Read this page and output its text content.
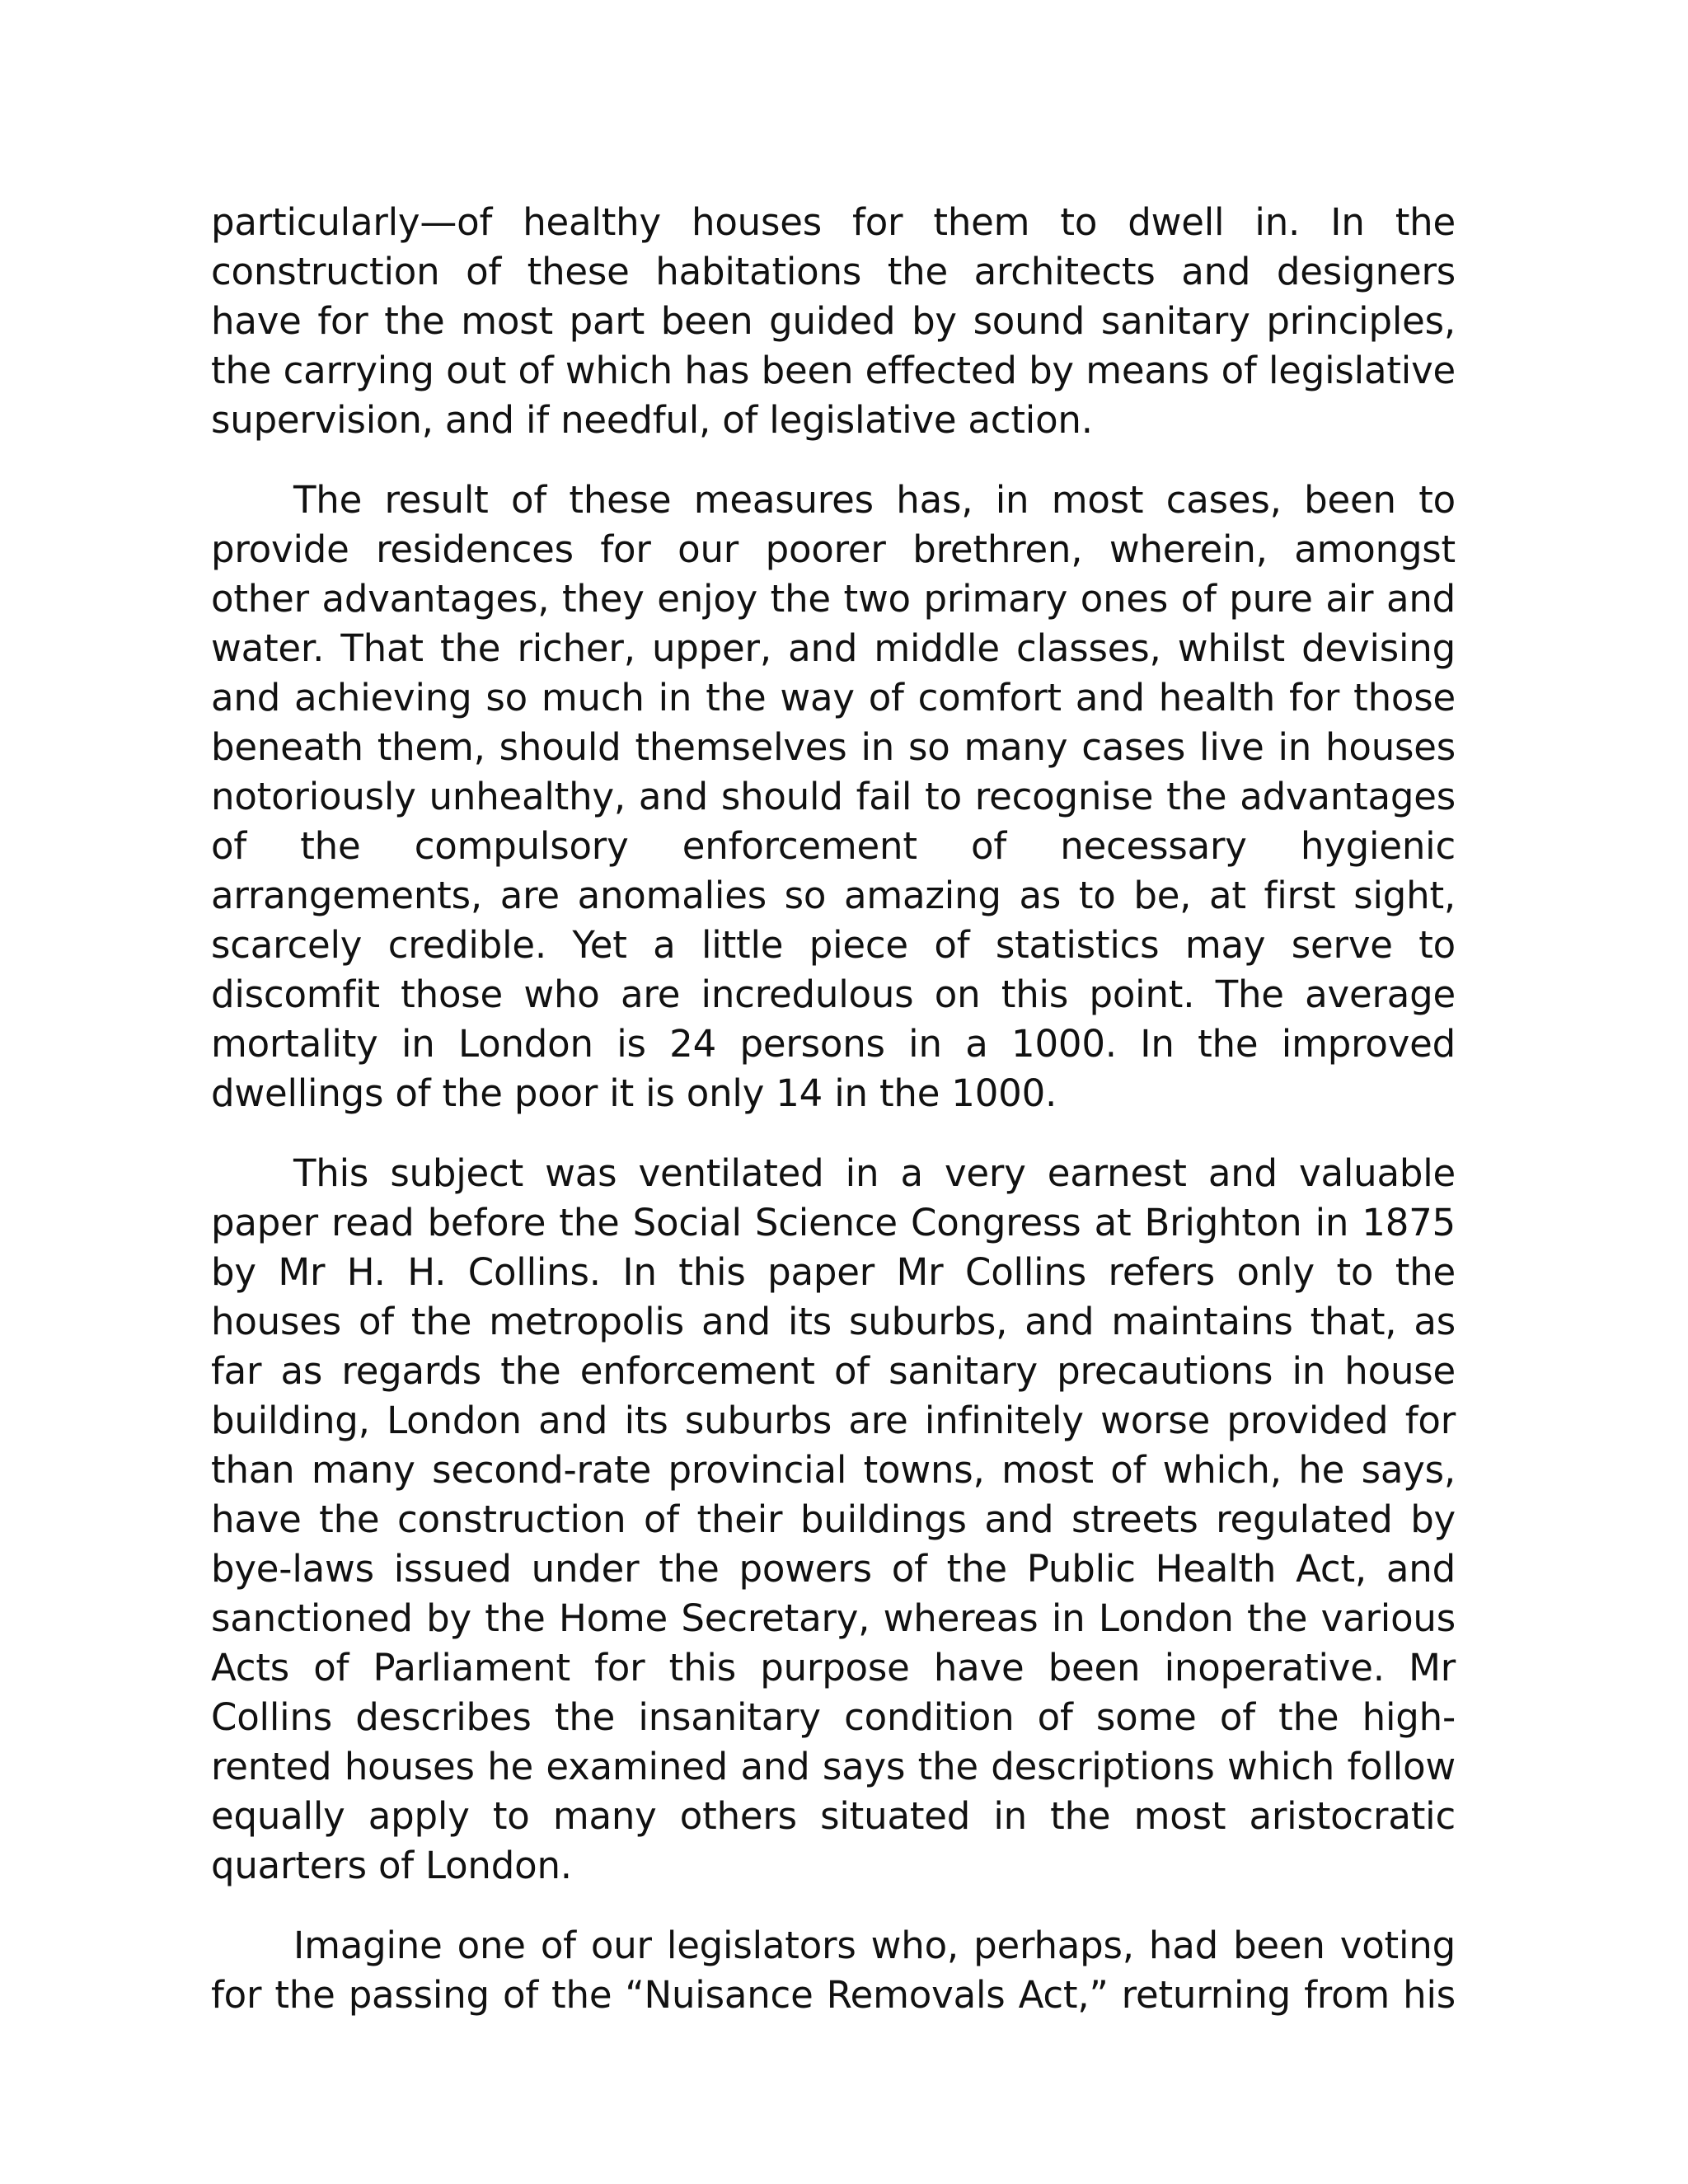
particularly—of healthy houses for them to dwell in. In the construction of these habitations the architects and designers have for the most part been guided by sound sanitary principles, the carrying out of which has been effected by means of legislative supervision, and if needful, of legislative action.

The result of these measures has, in most cases, been to provide residences for our poorer brethren, wherein, amongst other advantages, they enjoy the two primary ones of pure air and water. That the richer, upper, and middle classes, whilst devising and achieving so much in the way of comfort and health for those beneath them, should themselves in so many cases live in houses notoriously unhealthy, and should fail to recognise the advantages of the compulsory enforcement of necessary hygienic arrangements, are anomalies so amazing as to be, at first sight, scarcely credible. Yet a little piece of statistics may serve to discomfit those who are incredulous on this point. The average mortality in London is 24 persons in a 1000. In the improved dwellings of the poor it is only 14 in the 1000.

This subject was ventilated in a very earnest and valuable paper read before the Social Science Congress at Brighton in 1875 by Mr H. H. Collins. In this paper Mr Collins refers only to the houses of the metropolis and its suburbs, and maintains that, as far as regards the enforcement of sanitary precautions in house building, London and its suburbs are infinitely worse provided for than many second-rate provincial towns, most of which, he says, have the construction of their buildings and streets regulated by bye-laws issued under the powers of the Public Health Act, and sanctioned by the Home Secretary, whereas in London the various Acts of Parliament for this purpose have been inoperative. Mr Collins describes the insanitary condition of some of the high-rented houses he examined and says the descriptions which follow equally apply to many others situated in the most aristocratic quarters of London.

Imagine one of our legislators who, perhaps, had been voting for the passing of the “Nuisance Removals Act,” returning from his
